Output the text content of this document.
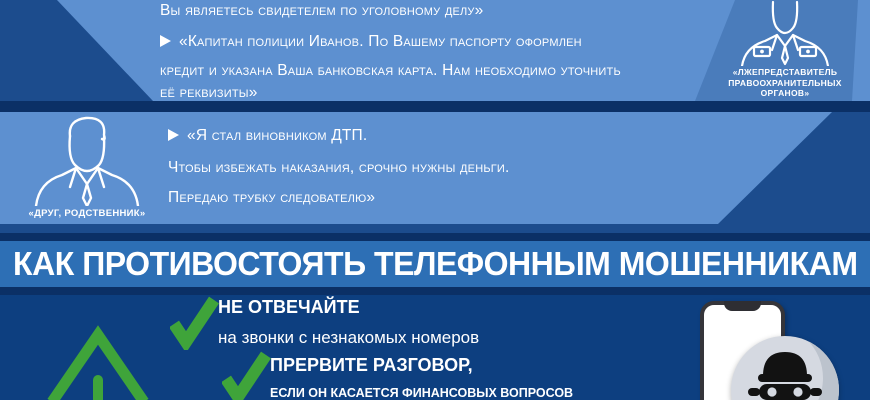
Вы являетесь свидетелем по уголовному делу»
«Капитан полиции Иванов. По Вашему паспорту оформлен
кредит и указана Ваша банковская карта. Нам необходимо уточнить
её реквизиты»
«ЛЖЕПРЕДСТАВИТЕЛЬ ПРАВООХРАНИТЕЛЬНЫХ ОРГАНОВ»
«ДРУГ, РОДСТВЕННИК»
«Я стал виновником ДТП.
Чтобы избежать наказания, срочно нужны деньги.
Передаю трубку следователю»
КАК ПРОТИВОСТОЯТЬ ТЕЛЕФОННЫМ МОШЕННИКАМ
НЕ ОТВЕЧАЙТЕ
на звонки с незнакомых номеров
ПРЕРВИТЕ РАЗГОВОР,
ЕСЛИ ОН КАСАЕТСЯ ФИНАНСОВЫХ ВОПРОСОВ
